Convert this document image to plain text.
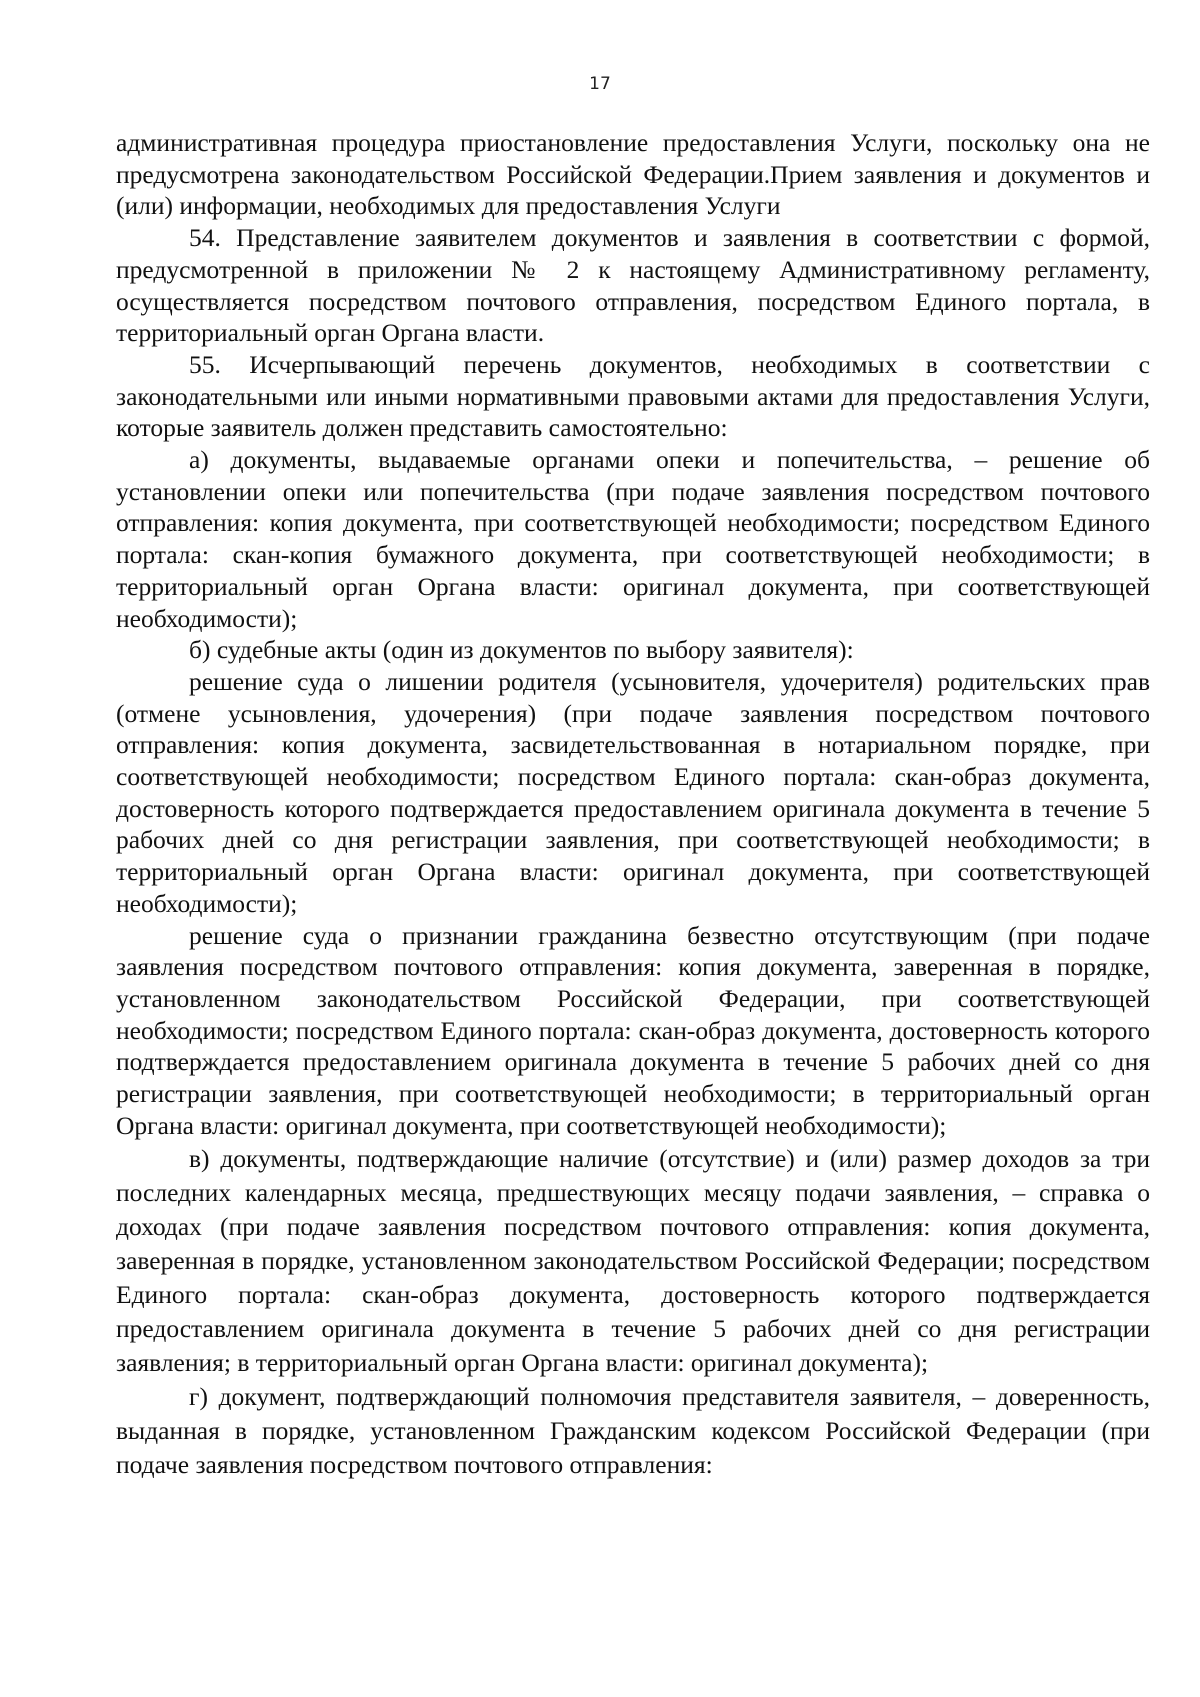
17

административная процедура приостановление предоставления Услуги, поскольку она не предусмотрена законодательством Российской Федерации.Прием заявления и документов и (или) информации, необходимых для предоставления Услуги

54. Представление заявителем документов и заявления в соответствии с формой, предусмотренной в приложении № 2 к настоящему Административному регламенту, осуществляется посредством почтового отправления, посредством Единого портала, в территориальный орган Органа власти.

55. Исчерпывающий перечень документов, необходимых в соответствии с законодательными или иными нормативными правовыми актами для предоставления Услуги, которые заявитель должен представить самостоятельно:

а) документы, выдаваемые органами опеки и попечительства, – решение об установлении опеки или попечительства (при подаче заявления посредством почтового отправления: копия документа, при соответствующей необходимости; посредством Единого портала: скан-копия бумажного документа, при соответствующей необходимости; в территориальный орган Органа власти: оригинал документа, при соответствующей необходимости);

б) судебные акты (один из документов по выбору заявителя):

решение суда о лишении родителя (усыновителя, удочерителя) родительских прав (отмене усыновления, удочерения) (при подаче заявления посредством почтового отправления: копия документа, засвидетельствованная в нотариальном порядке, при соответствующей необходимости; посредством Единого портала: скан-образ документа, достоверность которого подтверждается предоставлением оригинала документа в течение 5 рабочих дней со дня регистрации заявления, при соответствующей необходимости; в территориальный орган Органа власти: оригинал документа, при соответствующей необходимости);

решение суда о признании гражданина безвестно отсутствующим (при подаче заявления посредством почтового отправления: копия документа, заверенная в порядке, установленном законодательством Российской Федерации, при соответствующей необходимости; посредством Единого портала: скан-образ документа, достоверность которого подтверждается предоставлением оригинала документа в течение 5 рабочих дней со дня регистрации заявления, при соответствующей необходимости; в территориальный орган Органа власти: оригинал документа, при соответствующей необходимости);

в) документы, подтверждающие наличие (отсутствие) и (или) размер доходов за три последних календарных месяца, предшествующих месяцу подачи заявления, – справка о доходах (при подаче заявления посредством почтового отправления: копия документа, заверенная в порядке, установленном законодательством Российской Федерации; посредством Единого портала: скан-образ документа, достоверность которого подтверждается предоставлением оригинала документа в течение 5 рабочих дней со дня регистрации заявления; в территориальный орган Органа власти: оригинал документа);

г) документ, подтверждающий полномочия представителя заявителя, – доверенность, выданная в порядке, установленном Гражданским кодексом Российской Федерации (при подаче заявления посредством почтового отправления:
